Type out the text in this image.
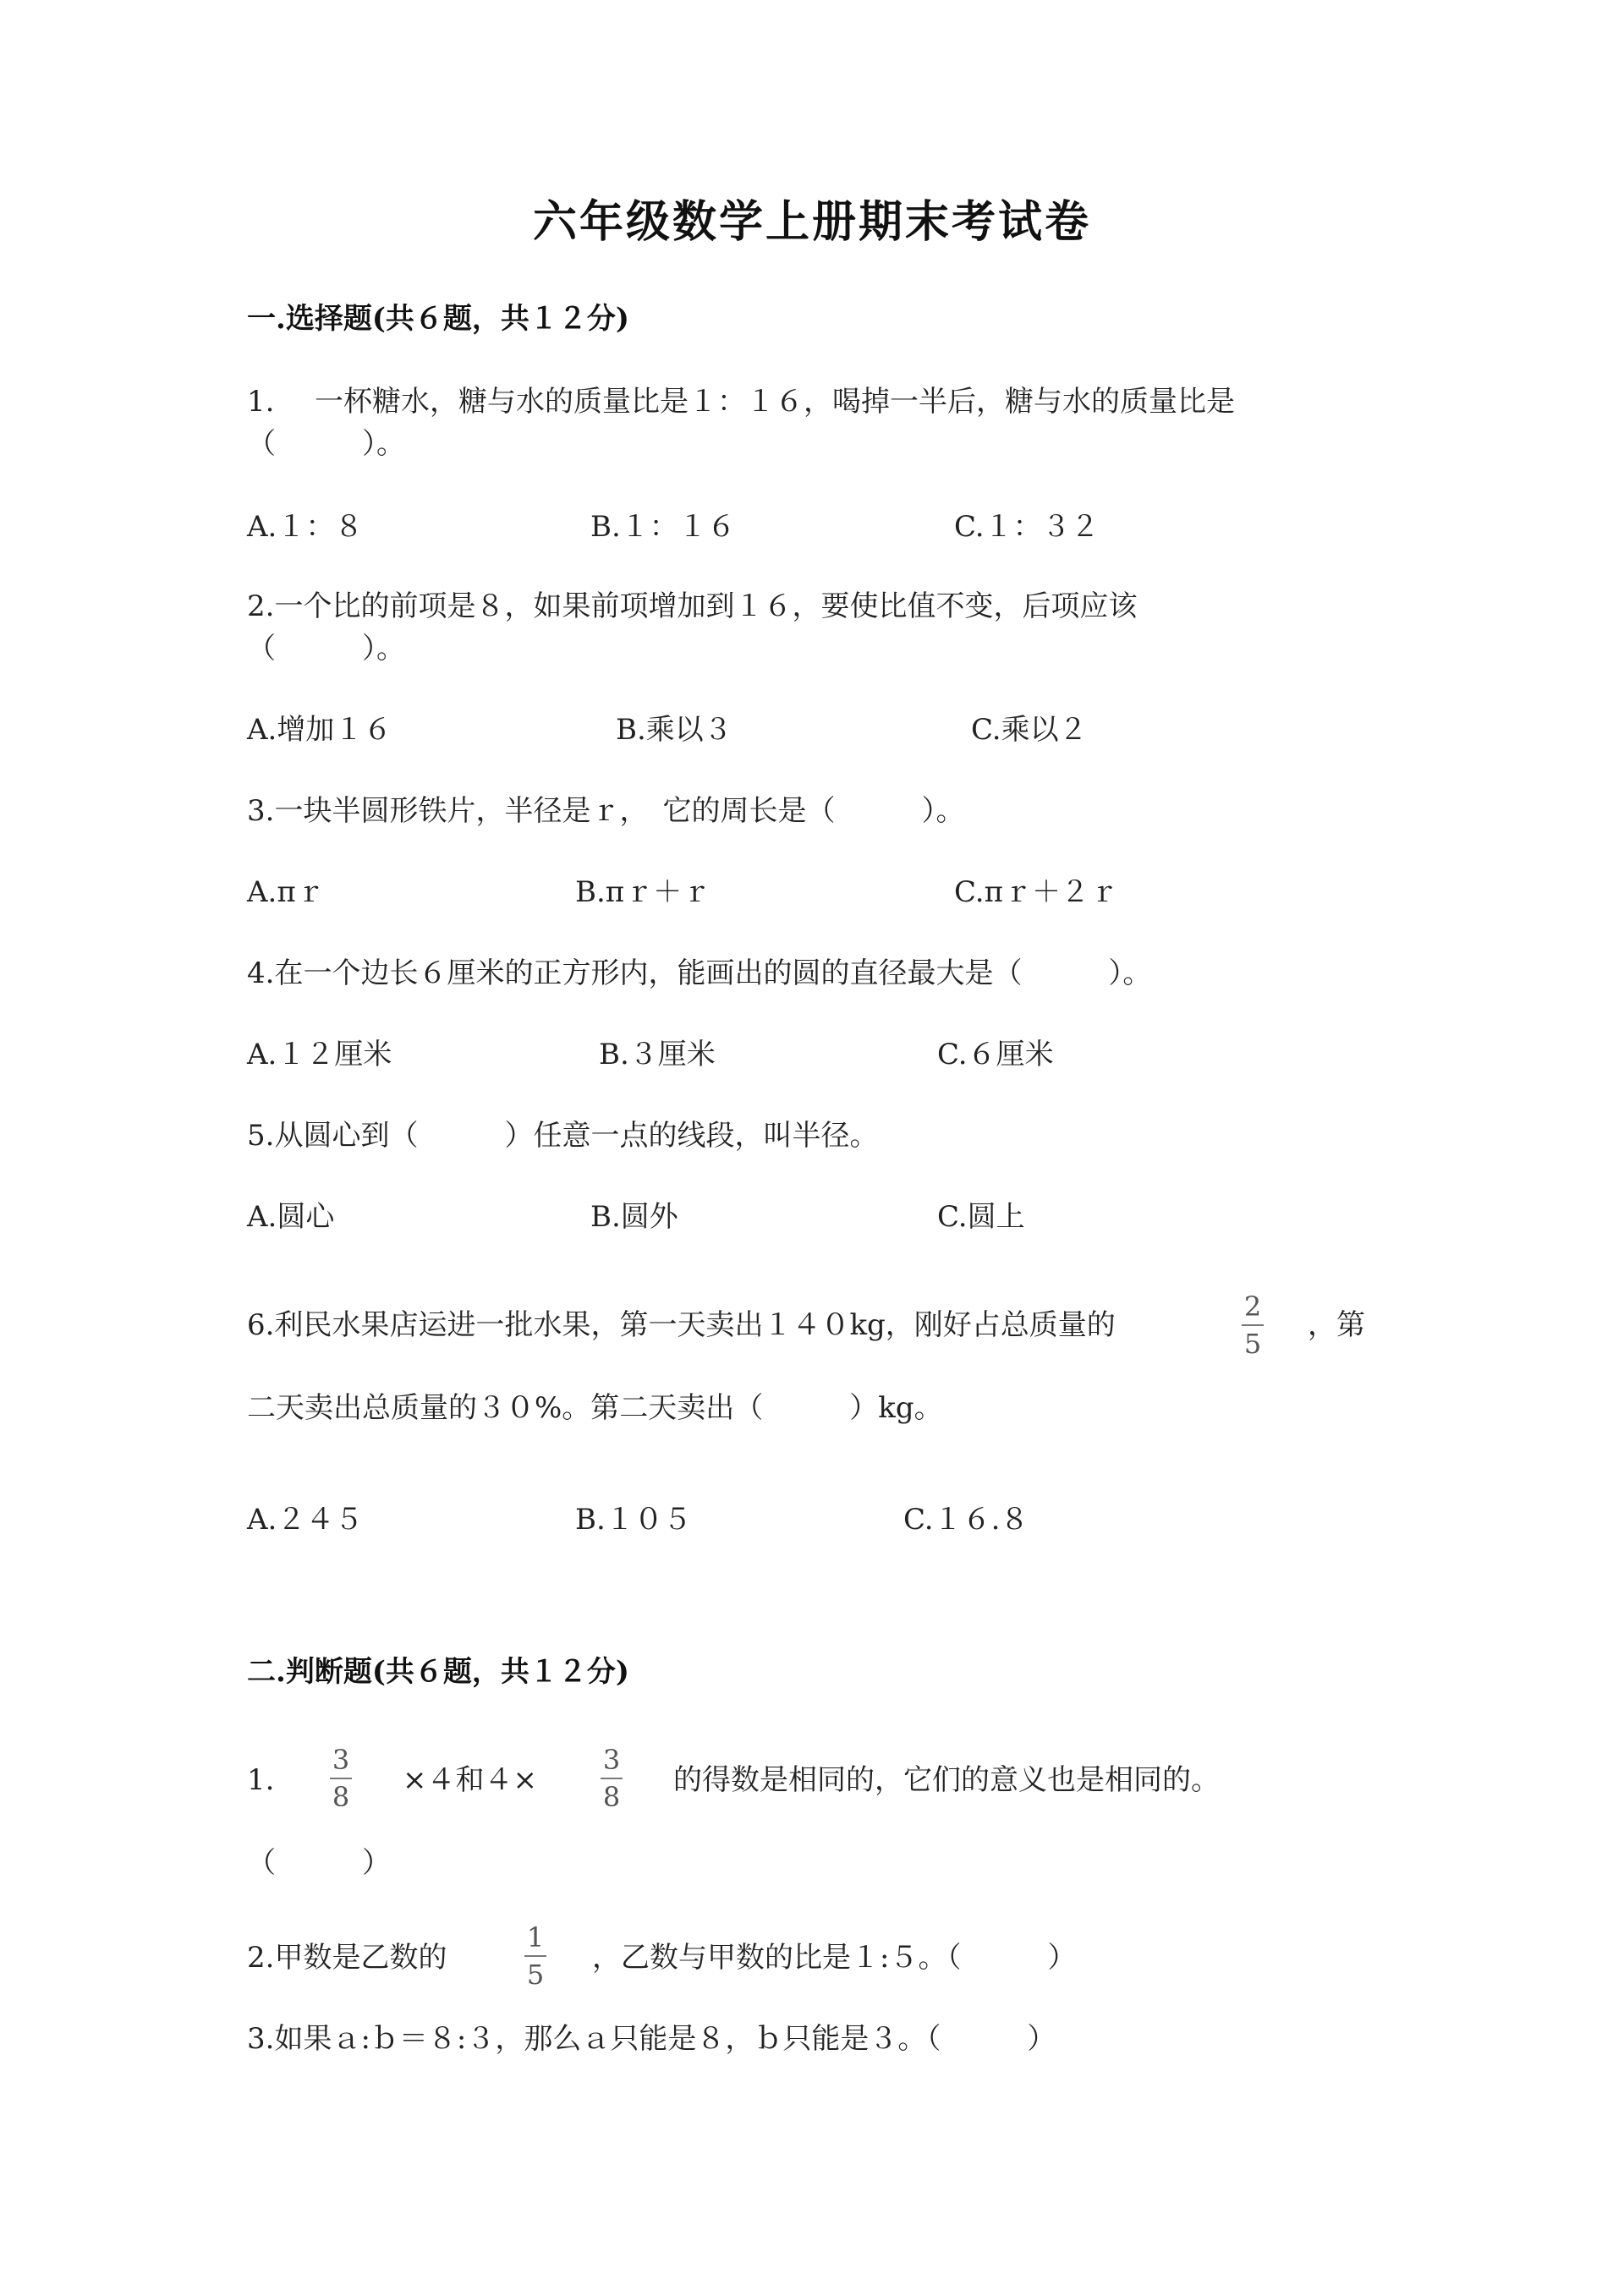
六年级数学上册期末考试卷
一.选择题(共６题，共１２分)
1. 一杯糖水，糖与水的质量比是１：１６，喝掉一半后，糖与水的质量比是
（　　　）。
A.１：８	B.１：１６	C.１：３２
2.一个比的前项是８，如果前项增加到１６，要使比值不变，后项应该
（　　　）。
A.增加１６	B.乘以３	C.乘以２
3.一块半圆形铁片，半径是ｒ，　它的周长是（　　　）。
A.πｒ	B.πｒ＋ｒ	C.πｒ＋２ｒ
4.在一个边长６厘米的正方形内，能画出的圆的直径最大是（　　　）。
A.１２厘米	B.３厘米	C.６厘米
5.从圆心到（　　　）任意一点的线段，叫半径。
A.圆心	B.圆外	C.圆上
6.利民水果店运进一批水果，第一天卖出１４０kg，刚好占总质量的
2
5
，第
二天卖出总质量的３０%。第二天卖出（　　　）kg。
A.２４５	B.１０５	C.１６.８
二.判断题(共６题，共１２分)
1.
3
8 ×４和４×
3
8 的得数是相同的，它们的意义也是相同的。
（　　　）
2.甲数是乙数的
1
5 ，乙数与甲数的比是１:５。（　　　）
3.如果ａ:ｂ＝８:３，那么ａ只能是８，ｂ只能是３。（　　　）
